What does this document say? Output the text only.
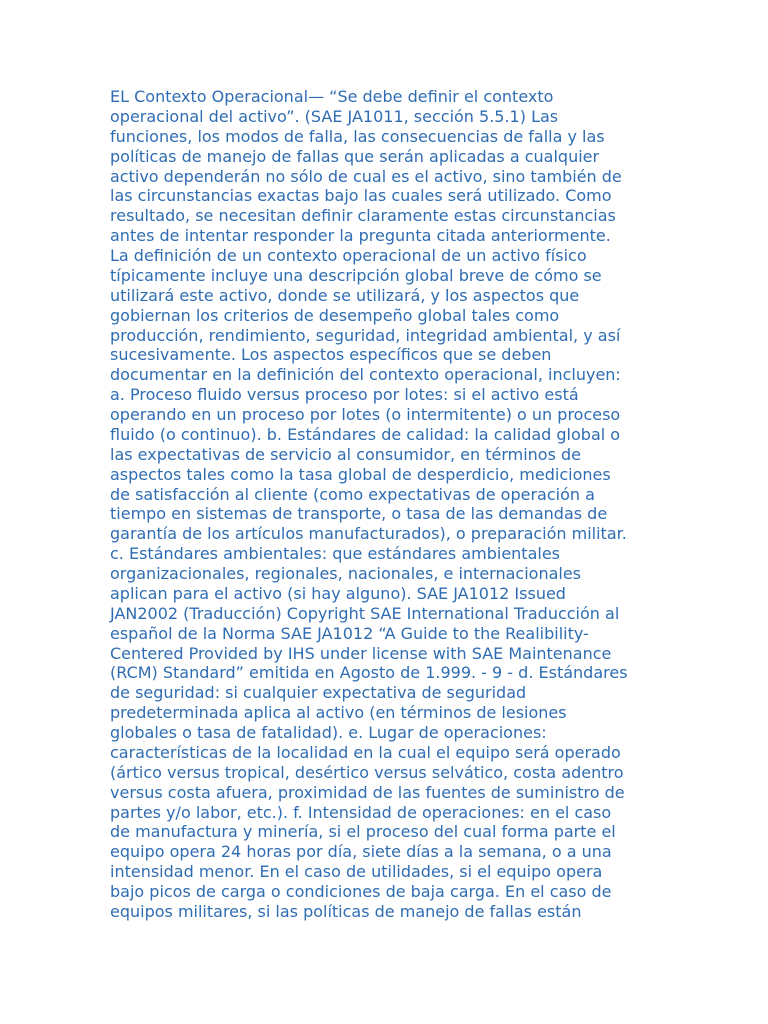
EL Contexto Operacional— “Se debe definir el contexto
operacional del activo”. (SAE JA1011, sección 5.5.1) Las
funciones, los modos de falla, las consecuencias de falla y las
políticas de manejo de fallas que serán aplicadas a cualquier
activo dependerán no sólo de cual es el activo, sino también de
las circunstancias exactas bajo las cuales será utilizado. Como
resultado, se necesitan definir claramente estas circunstancias
antes de intentar responder la pregunta citada anteriormente.
La definición de un contexto operacional de un activo físico
típicamente incluye una descripción global breve de cómo se
utilizará este activo, donde se utilizará, y los aspectos que
gobiernan los criterios de desempeño global tales como
producción, rendimiento, seguridad, integridad ambiental, y así
sucesivamente. Los aspectos específicos que se deben
documentar en la definición del contexto operacional, incluyen:
a. Proceso fluido versus proceso por lotes: si el activo está
operando en un proceso por lotes (o intermitente) o un proceso
fluido (o continuo). b. Estándares de calidad: la calidad global o
las expectativas de servicio al consumidor, en términos de
aspectos tales como la tasa global de desperdicio, mediciones
de satisfacción al cliente (como expectativas de operación a
tiempo en sistemas de transporte, o tasa de las demandas de
garantía de los artículos manufacturados), o preparación militar.
c. Estándares ambientales: que estándares ambientales
organizacionales, regionales, nacionales, e internacionales
aplican para el activo (si hay alguno). SAE JA1012 Issued
JAN2002 (Traducción) Copyright SAE International Traducción al
español de la Norma SAE JA1012 “A Guide to the Realibility-
Centered Provided by IHS under license with SAE Maintenance
(RCM) Standard” emitida en Agosto de 1.999. - 9 - d. Estándares
de seguridad: si cualquier expectativa de seguridad
predeterminada aplica al activo (en términos de lesiones
globales o tasa de fatalidad). e. Lugar de operaciones:
características de la localidad en la cual el equipo será operado
(ártico versus tropical, desértico versus selvático, costa adentro
versus costa afuera, proximidad de las fuentes de suministro de
partes y/o labor, etc.). f. Intensidad de operaciones: en el caso
de manufactura y minería, si el proceso del cual forma parte el
equipo opera 24 horas por día, siete días a la semana, o a una
intensidad menor. En el caso de utilidades, si el equipo opera
bajo picos de carga o condiciones de baja carga. En el caso de
equipos militares, si las políticas de manejo de fallas están
